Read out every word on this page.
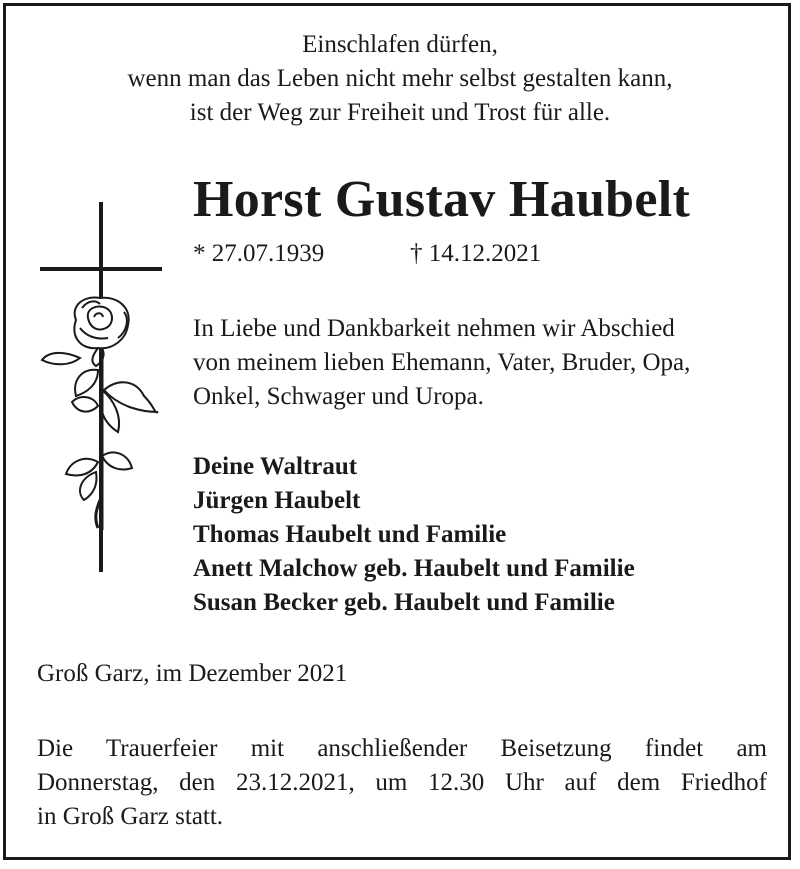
Einschlafen dürfen,
wenn man das Leben nicht mehr selbst gestalten kann,
ist der Weg zur Freiheit und Trost für alle.
Horst Gustav Haubelt
* 27.07.1939	† 14.12.2021
In Liebe und Dankbarkeit nehmen wir Abschied
von meinem lieben Ehemann, Vater, Bruder, Opa,
Onkel, Schwager und Uropa.
Deine Waltraut
Jürgen Haubelt
Thomas Haubelt und Familie
Anett Malchow geb. Haubelt und Familie
Susan Becker geb. Haubelt und Familie
Groß Garz, im Dezember 2021
Die Trauerfeier mit anschließender Beisetzung findet am
Donnerstag, den 23.12.2021, um 12.30 Uhr auf dem Friedhof
in Groß Garz statt.
